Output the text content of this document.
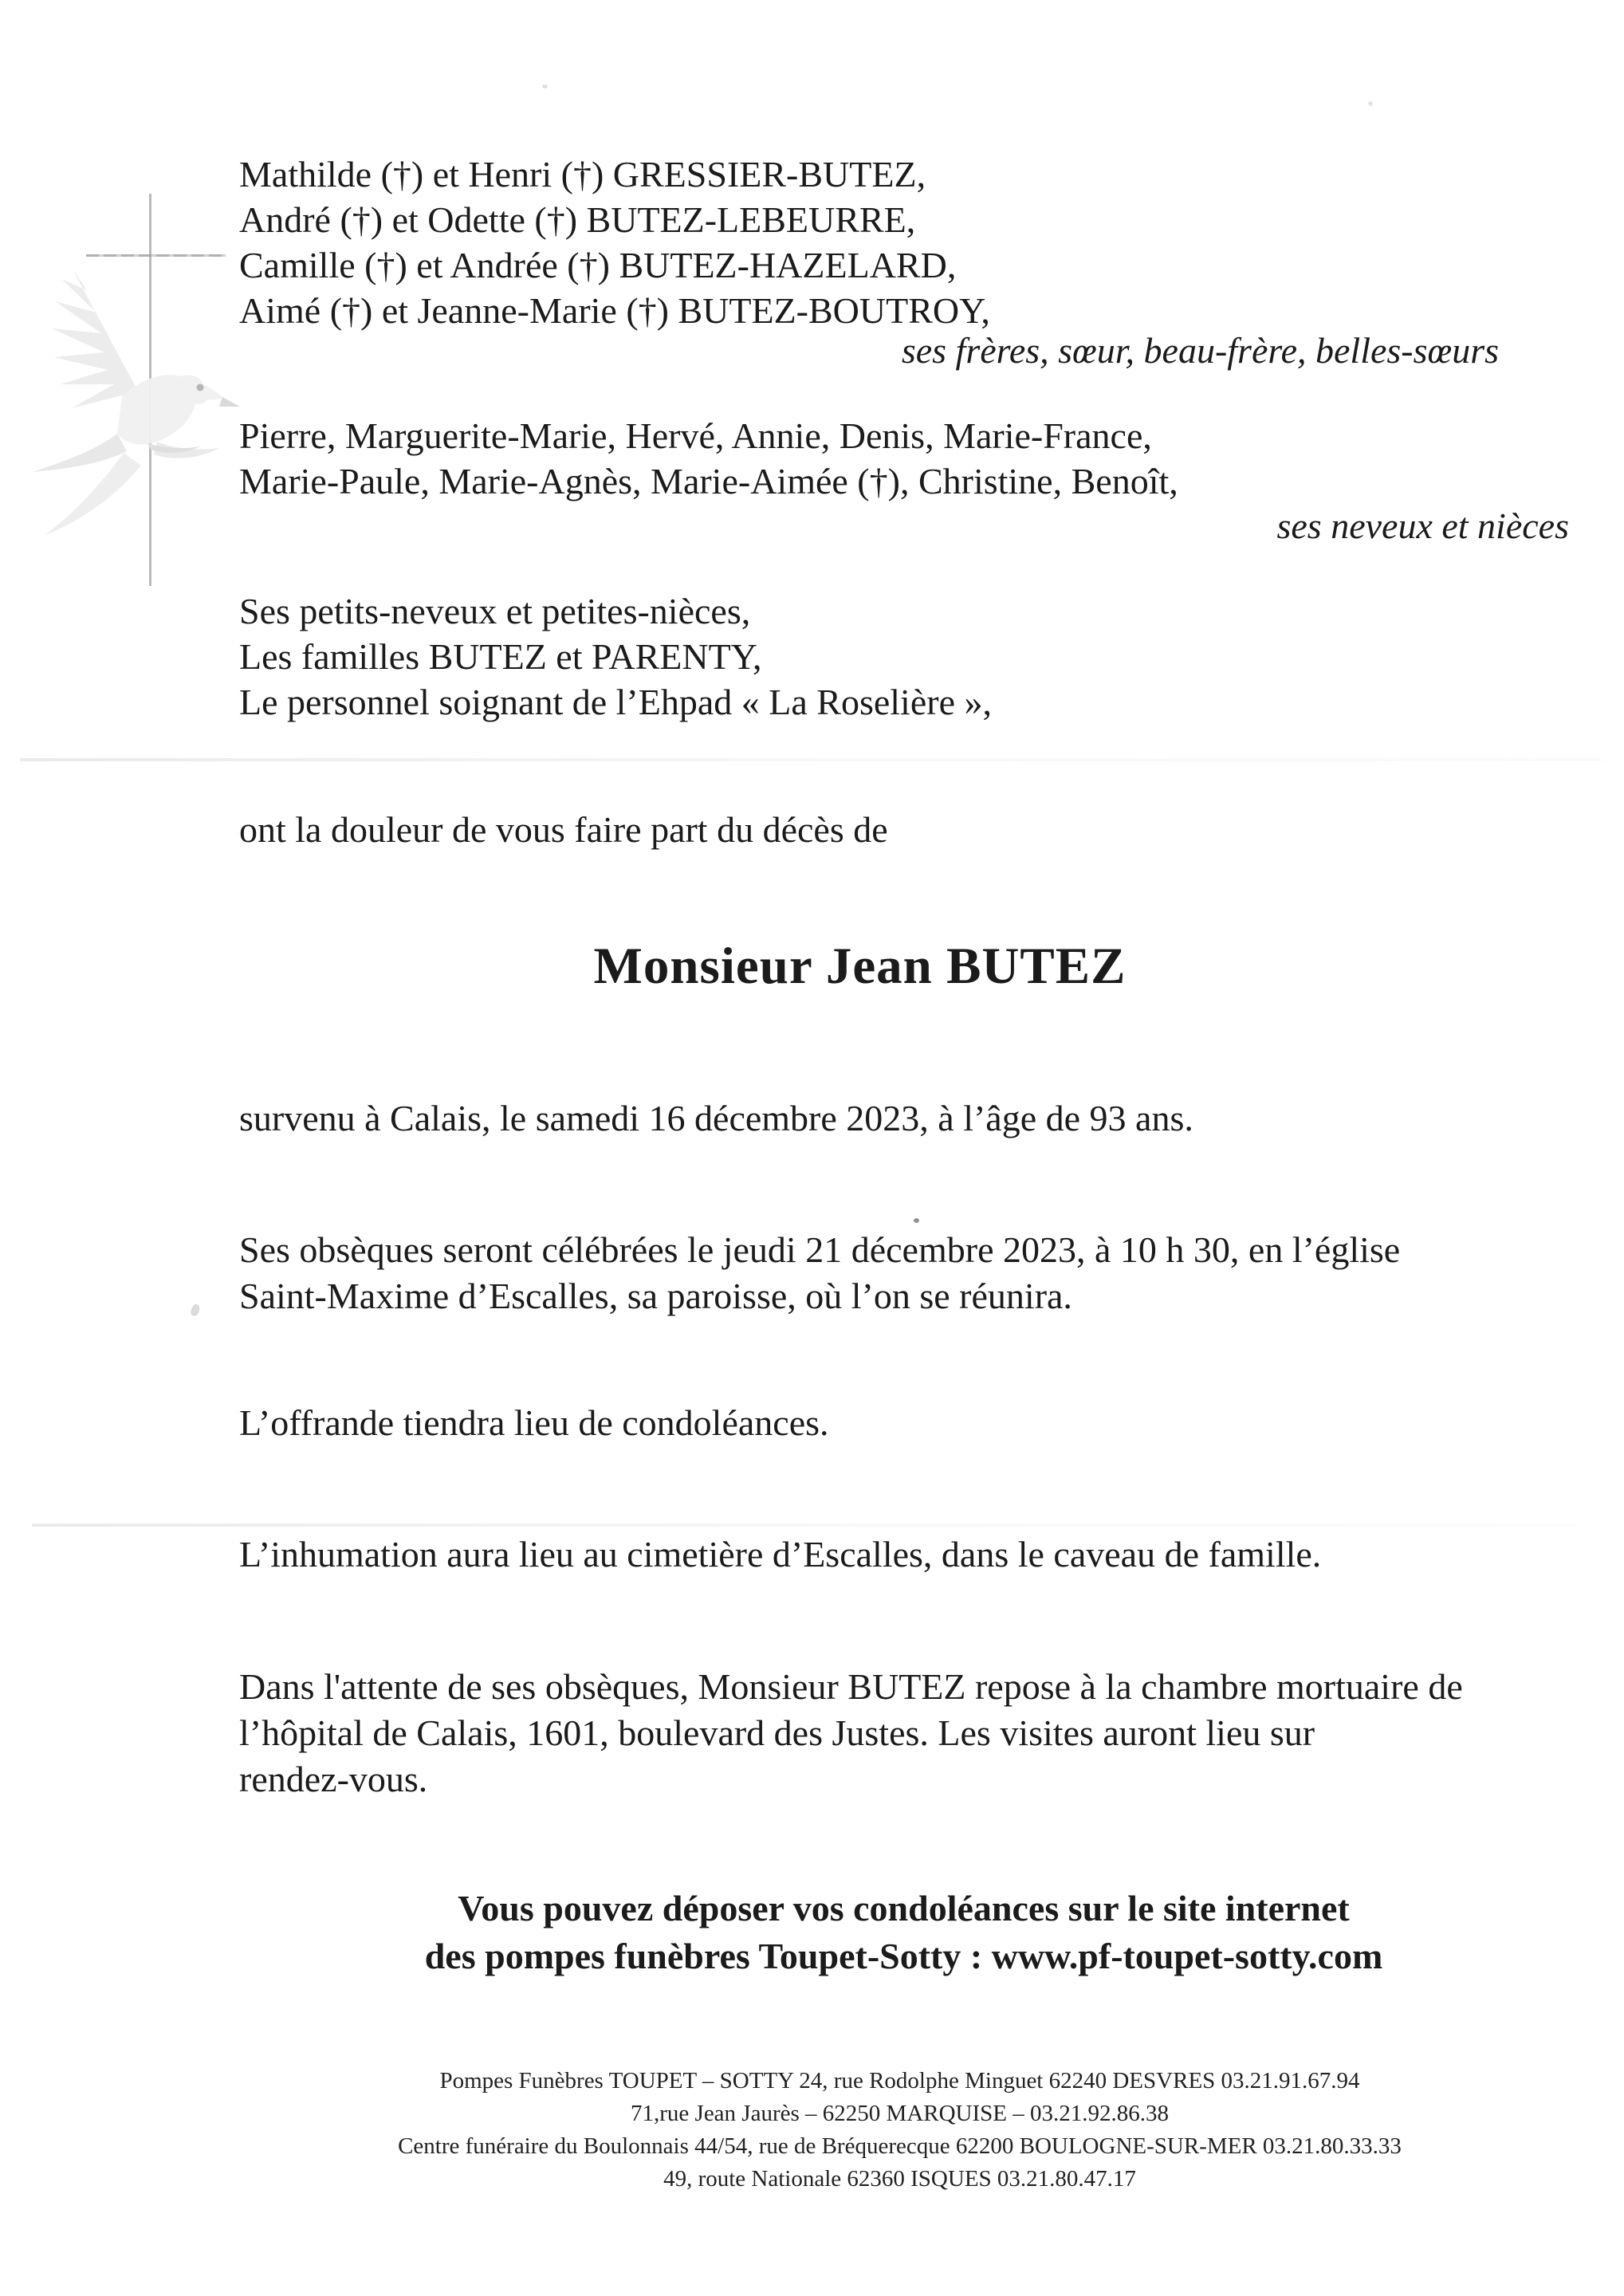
Mathilde (†) et Henri (†) GRESSIER-BUTEZ,

André (†) et Odette (†) BUTEZ-LEBEURRE,

Camille (†) et Andrée (†) BUTEZ-HAZELARD,

Aimé (†) et Jeanne-Marie (†) BUTEZ-BOUTROY,

ses frères, sœur, beau-frère, belles-sœurs

Pierre, Marguerite-Marie, Hervé, Annie, Denis, Marie-France,

Marie-Paule, Marie-Agnès, Marie-Aimée (†), Christine, Benoît,

ses neveux et nièces

Ses petits-neveux et petites-nièces,

Les familles BUTEZ et PARENTY,

Le personnel soignant de l’Ehpad « La Roselière »,

ont la douleur de vous faire part du décès de

Monsieur Jean BUTEZ

survenu à Calais, le samedi 16 décembre 2023, à l’âge de 93 ans.

Ses obsèques seront célébrées le jeudi 21 décembre 2023, à 10 h 30, en l’église

Saint-Maxime d’Escalles, sa paroisse, où l’on se réunira.

L’offrande tiendra lieu de condoléances.

L’inhumation aura lieu au cimetière d’Escalles, dans le caveau de famille.

Dans l'attente de ses obsèques, Monsieur BUTEZ repose à la chambre mortuaire de

l’hôpital de Calais, 1601, boulevard des Justes. Les visites auront lieu sur

rendez-vous.

Vous pouvez déposer vos condoléances sur le site internet

des pompes funèbres Toupet-Sotty : www.pf-toupet-sotty.com

Pompes Funèbres TOUPET – SOTTY 24, rue Rodolphe Minguet 62240 DESVRES 03.21.91.67.94

71,rue Jean Jaurès – 62250 MARQUISE – 03.21.92.86.38

Centre funéraire du Boulonnais 44/54, rue de Bréquerecque 62200 BOULOGNE-SUR-MER 03.21.80.33.33

49, route Nationale 62360 ISQUES 03.21.80.47.17
